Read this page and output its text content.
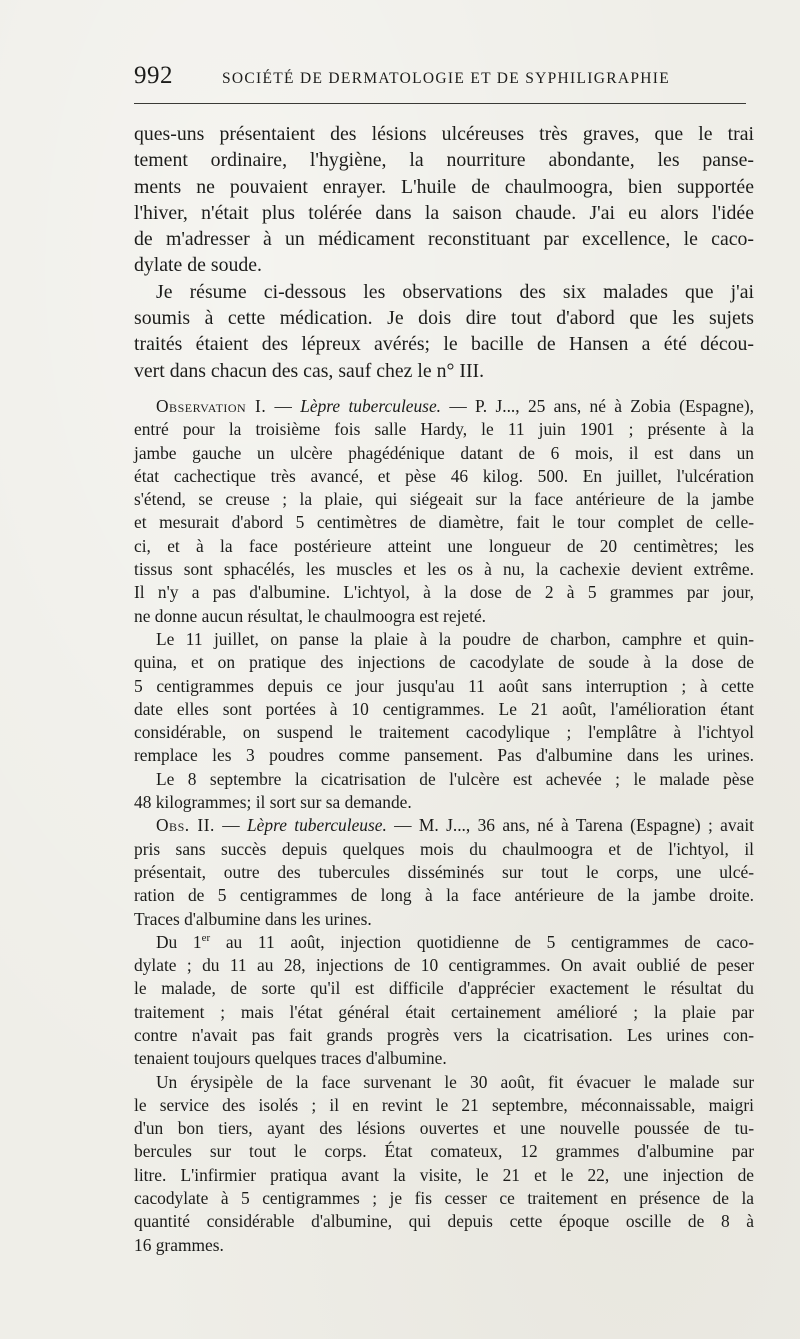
992	SOCIÉTÉ DE DERMATOLOGIE ET DE SYPHILIGRAPHIE
ques-uns présentaient des lésions ulcéreuses très graves, que le trai
tement ordinaire, l'hygiène, la nourriture abondante, les panse-
ments ne pouvaient enrayer. L'huile de chaulmoogra, bien supportée
l'hiver, n'était plus tolérée dans la saison chaude. J'ai eu alors l'idée
de m'adresser à un médicament reconstituant par excellence, le caco-
dylate de soude.
Je résume ci-dessous les observations des six malades que j'ai
soumis à cette médication. Je dois dire tout d'abord que les sujets
traités étaient des lépreux avérés; le bacille de Hansen a été décou-
vert dans chacun des cas, sauf chez le n° III.
Observation I. — Lèpre tuberculeuse. — P. J..., 25 ans, né à Zobia (Espagne),
entré pour la troisième fois salle Hardy, le 11 juin 1901 ; présente à la
jambe gauche un ulcère phagédénique datant de 6 mois, il est dans un
état cachectique très avancé, et pèse 46 kilog. 500. En juillet, l'ulcération
s'étend, se creuse ; la plaie, qui siégeait sur la face antérieure de la jambe
et mesurait d'abord 5 centimètres de diamètre, fait le tour complet de celle-
ci, et à la face postérieure atteint une longueur de 20 centimètres; les
tissus sont sphacélés, les muscles et les os à nu, la cachexie devient extrême.
Il n'y a pas d'albumine. L'ichtyol, à la dose de 2 à 5 grammes par jour,
ne donne aucun résultat, le chaulmoogra est rejeté.
Le 11 juillet, on panse la plaie à la poudre de charbon, camphre et quin-
quina, et on pratique des injections de cacodylate de soude à la dose de
5 centigrammes depuis ce jour jusqu'au 11 août sans interruption ; à cette
date elles sont portées à 10 centigrammes. Le 21 août, l'amélioration étant
considérable, on suspend le traitement cacodylique ; l'emplâtre à l'ichtyol
remplace les 3 poudres comme pansement. Pas d'albumine dans les urines.
Le 8 septembre la cicatrisation de l'ulcère est achevée ; le malade pèse
48 kilogrammes; il sort sur sa demande.
Obs. II. — Lèpre tuberculeuse. — M. J..., 36 ans, né à Tarena (Espagne) ; avait
pris sans succès depuis quelques mois du chaulmoogra et de l'ichtyol, il
présentait, outre des tubercules disséminés sur tout le corps, une ulcé-
ration de 5 centigrammes de long à la face antérieure de la jambe droite.
Traces d'albumine dans les urines.
Du 1er au 11 août, injection quotidienne de 5 centigrammes de caco-
dylate ; du 11 au 28, injections de 10 centigrammes. On avait oublié de peser
le malade, de sorte qu'il est difficile d'apprécier exactement le résultat du
traitement ; mais l'état général était certainement amélioré ; la plaie par
contre n'avait pas fait grands progrès vers la cicatrisation. Les urines con-
tenaient toujours quelques traces d'albumine.
Un érysipèle de la face survenant le 30 août, fit évacuer le malade sur
le service des isolés ; il en revint le 21 septembre, méconnaissable, maigri
d'un bon tiers, ayant des lésions ouvertes et une nouvelle poussée de tu-
bercules sur tout le corps. État comateux, 12 grammes d'albumine par
litre. L'infirmier pratiqua avant la visite, le 21 et le 22, une injection de
cacodylate à 5 centigrammes ; je fis cesser ce traitement en présence de la
quantité considérable d'albumine, qui depuis cette époque oscille de 8 à
16 grammes.
